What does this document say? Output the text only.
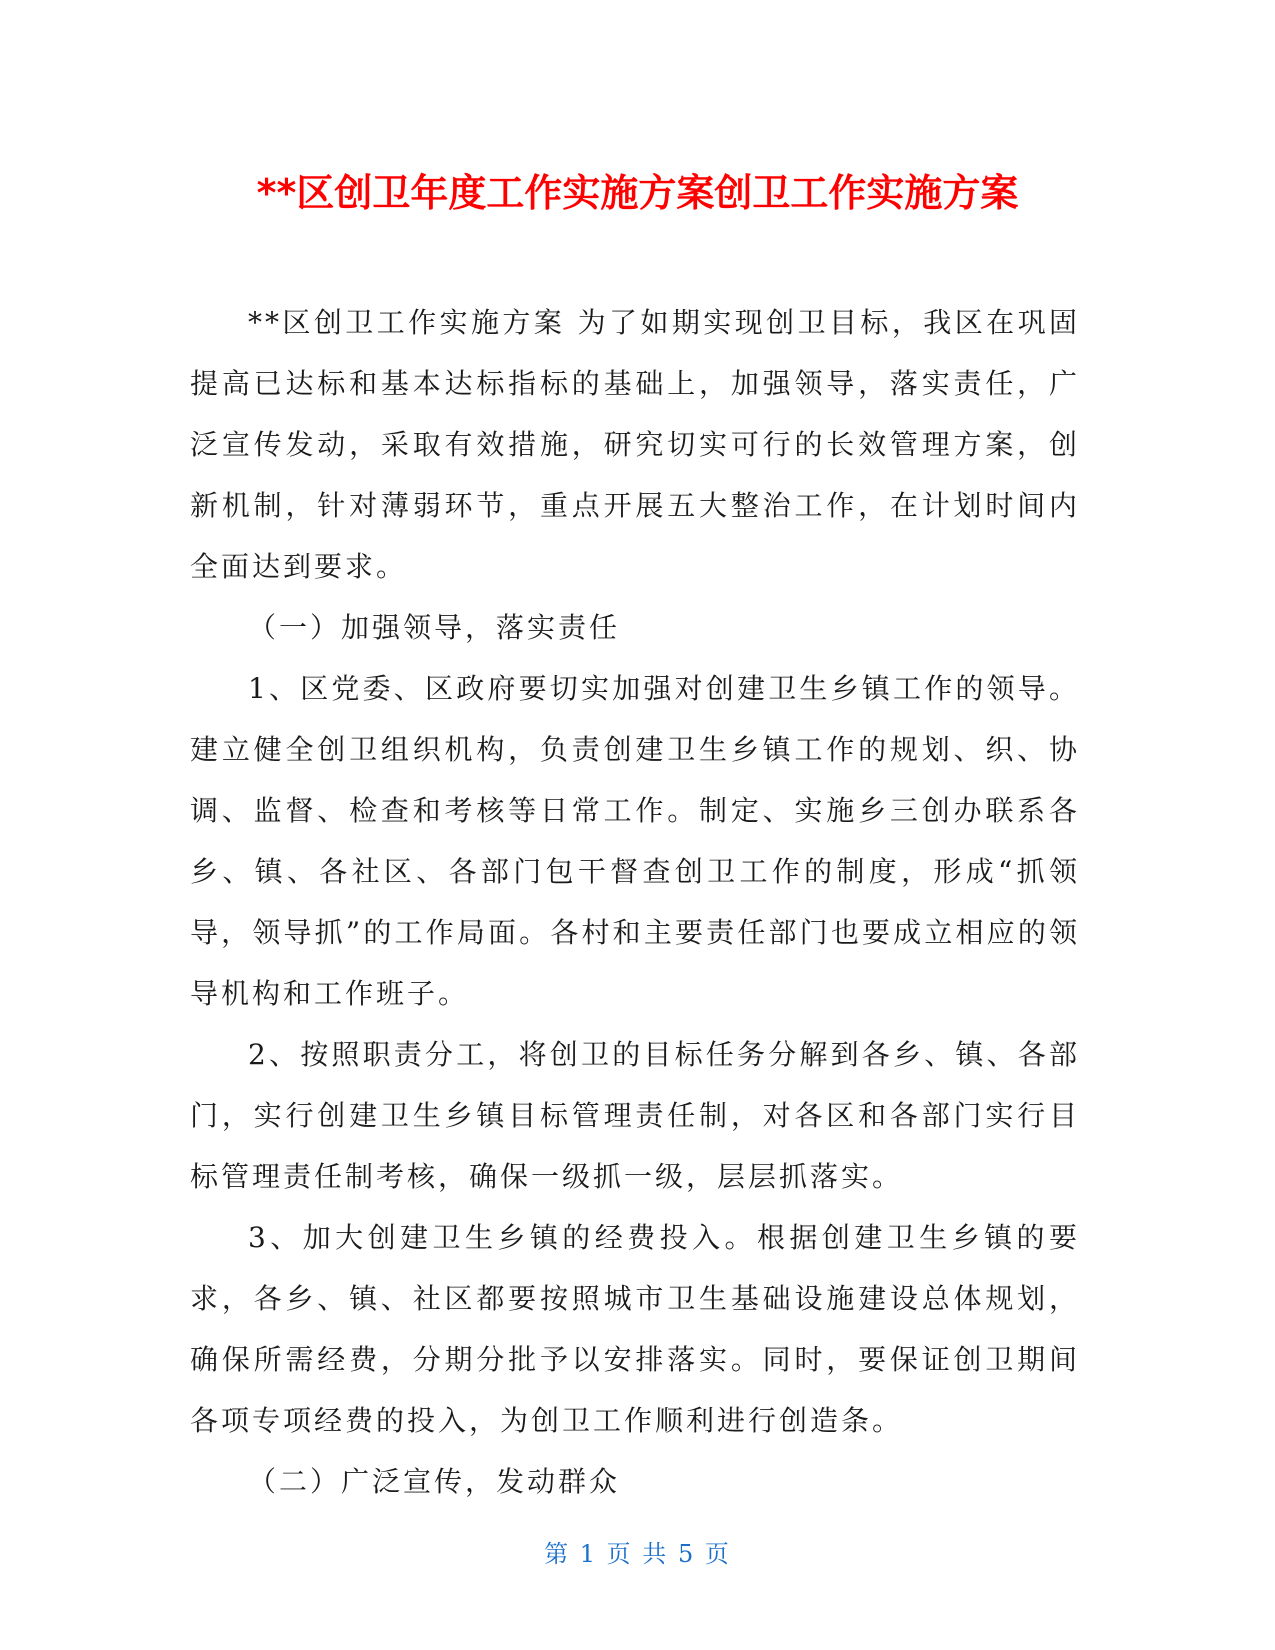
**区创卫年度工作实施方案创卫工作实施方案

**区创卫工作实施方案 为了如期实现创卫目标，我区在巩固提高已达标和基本达标指标的基础上，加强领导，落实责任，广泛宣传发动，采取有效措施，研究切实可行的长效管理方案，创新机制，针对薄弱环节，重点开展五大整治工作，在计划时间内全面达到要求。

（一）加强领导，落实责任

1、区党委、区政府要切实加强对创建卫生乡镇工作的领导。建立健全创卫组织机构，负责创建卫生乡镇工作的规划、织、协调、监督、检查和考核等日常工作。制定、实施乡三创办联系各乡、镇、各社区、各部门包干督查创卫工作的制度，形成“抓领导，领导抓”的工作局面。各村和主要责任部门也要成立相应的领导机构和工作班子。

2、按照职责分工，将创卫的目标任务分解到各乡、镇、各部门，实行创建卫生乡镇目标管理责任制，对各区和各部门实行目标管理责任制考核，确保一级抓一级，层层抓落实。

3、加大创建卫生乡镇的经费投入。根据创建卫生乡镇的要求，各乡、镇、社区都要按照城市卫生基础设施建设总体规划，确保所需经费，分期分批予以安排落实。同时，要保证创卫期间各项专项经费的投入，为创卫工作顺利进行创造条。

（二）广泛宣传，发动群众

第 1 页 共 5 页
